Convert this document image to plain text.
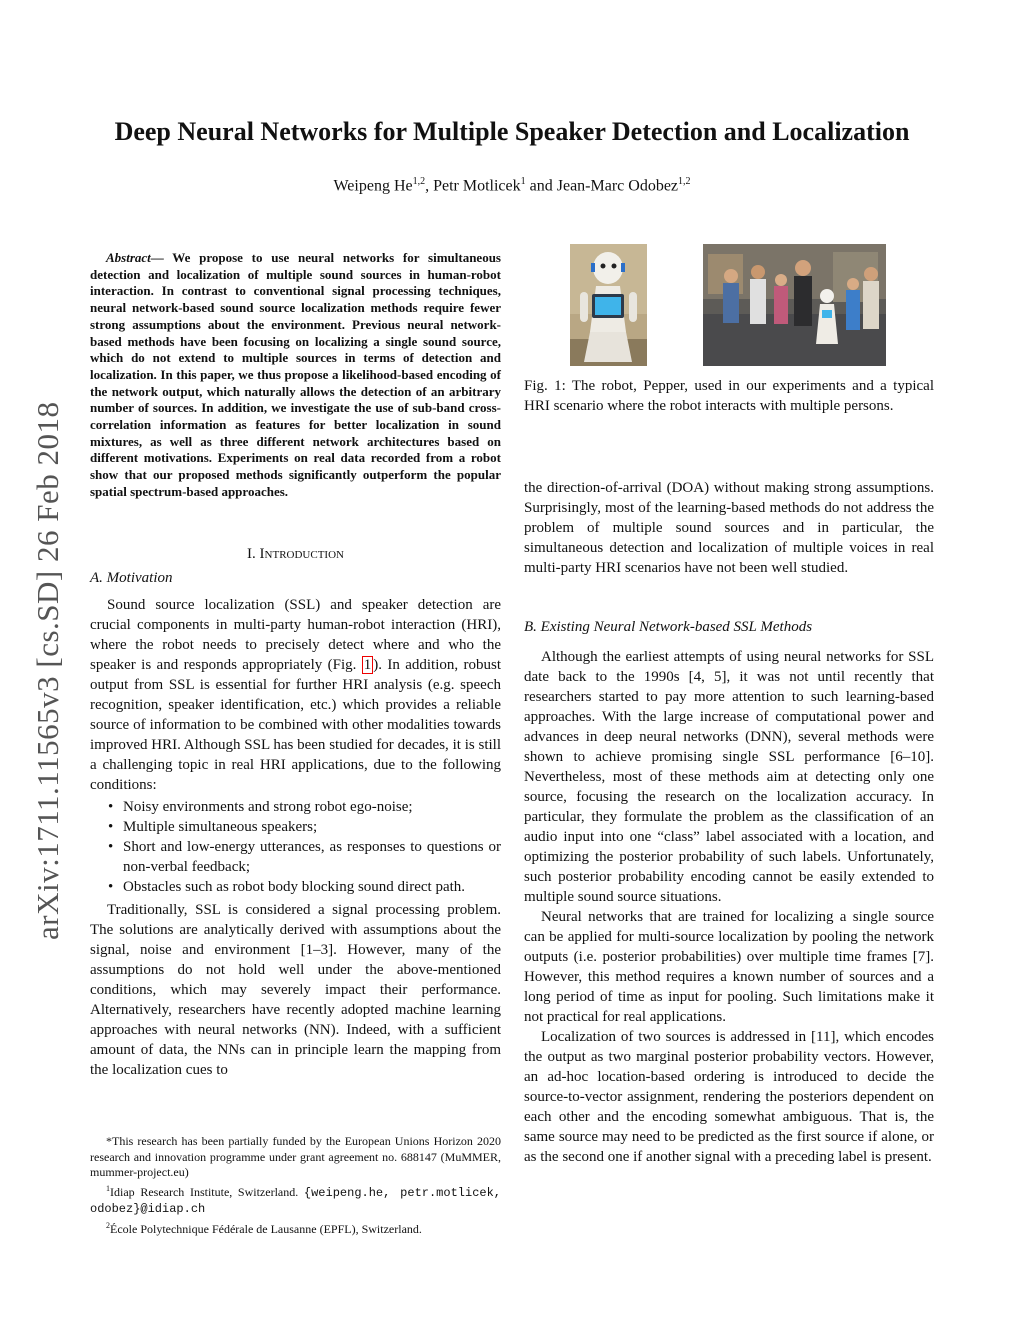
arXiv:1711.11565v3 [cs.SD] 26 Feb 2018
Deep Neural Networks for Multiple Speaker Detection and Localization
Weipeng He$^{1,2}$, Petr Motlicek$^1$ and Jean-Marc Odobez$^{1,2}$
Abstract— We propose to use neural networks for simultaneous detection and localization of multiple sound sources in human-robot interaction. In contrast to conventional signal processing techniques, neural network-based sound source localization methods require fewer strong assumptions about the environment. Previous neural network-based methods have been focusing on localizing a single sound source, which do not extend to multiple sources in terms of detection and localization. In this paper, we thus propose a likelihood-based encoding of the network output, which naturally allows the detection of an arbitrary number of sources. In addition, we investigate the use of sub-band cross-correlation information as features for better localization in sound mixtures, as well as three different network architectures based on different motivations. Experiments on real data recorded from a robot show that our proposed methods significantly outperform the popular spatial spectrum-based approaches.
I. Introduction
A. Motivation

Sound source localization (SSL) and speaker detection are crucial components in multi-party human-robot interaction (HRI), where the robot needs to precisely detect where and who the speaker is and responds appropriately (Fig. 1 ). In addition, robust output from SSL is essential for further HRI analysis (e.g. speech recognition, speaker identification, etc.) which provides a reliable source of information to be combined with other modalities towards improved HRI. Although SSL has been studied for decades, it is still a challenging topic in real HRI applications, due to the following conditions:

• Noisy environments and strong robot ego-noise;
• Multiple simultaneous speakers;
• Short and low-energy utterances, as responses to questions or non-verbal feedback;
• Obstacles such as robot body blocking sound direct path.

Traditionally, SSL is considered a signal processing problem. The solutions are analytically derived with assumptions about the signal, noise and environment [1–3]. However, many of the assumptions do not hold well under the above-mentioned conditions, which may severely impact their performance. Alternatively, researchers have recently adopted machine learning approaches with neural networks (NN). Indeed, with a sufficient amount of data, the NNs can in principle learn the mapping from the localization cues to

*This research has been partially funded by the European Unions Horizon 2020 research and innovation programme under grant agreement no. 688147 (MuMMER, mummer-project.eu)
$^1$Idiap Research Institute, Switzerland. {weipeng.he, petr.motlicek, odobez}@idiap.ch
$^2$École Polytechnique Fédérale de Lausanne (EPFL), Switzerland.
Fig. 1: The robot, Pepper, used in our experiments and a typical HRI scenario where the robot interacts with multiple persons.

the direction-of-arrival (DOA) without making strong assumptions. Surprisingly, most of the learning-based methods do not address the problem of multiple sound sources and in particular, the simultaneous detection and localization of multiple voices in real multi-party HRI scenarios have not been well studied.

B. Existing Neural Network-based SSL Methods

Although the earliest attempts of using neural networks for SSL date back to the 1990s [4, 5], it was not until recently that researchers started to pay more attention to such learning-based approaches. With the large increase of computational power and advances in deep neural networks (DNN), several methods were shown to achieve promising single SSL performance [6–10]. Nevertheless, most of these methods aim at detecting only one source, focusing the research on the localization accuracy. In particular, they formulate the problem as the classification of an audio input into one “class” label associated with a location, and optimizing the posterior probability of such labels. Unfortunately, such posterior probability encoding cannot be easily extended to multiple sound source situations.

Neural networks that are trained for localizing a single source can be applied for multi-source localization by pooling the network outputs (i.e. posterior probabilities) over multiple time frames [7]. However, this method requires a known number of sources and a long period of time as input for pooling. Such limitations make it not practical for real applications.

Localization of two sources is addressed in [11], which encodes the output as two marginal posterior probability vectors. However, an ad-hoc location-based ordering is introduced to decide the source-to-vector assignment, rendering the posteriors dependent on each other and the encoding somewhat ambiguous. That is, the same source may need to be predicted as the first source if alone, or as the second one if another signal with a preceding label is present.
